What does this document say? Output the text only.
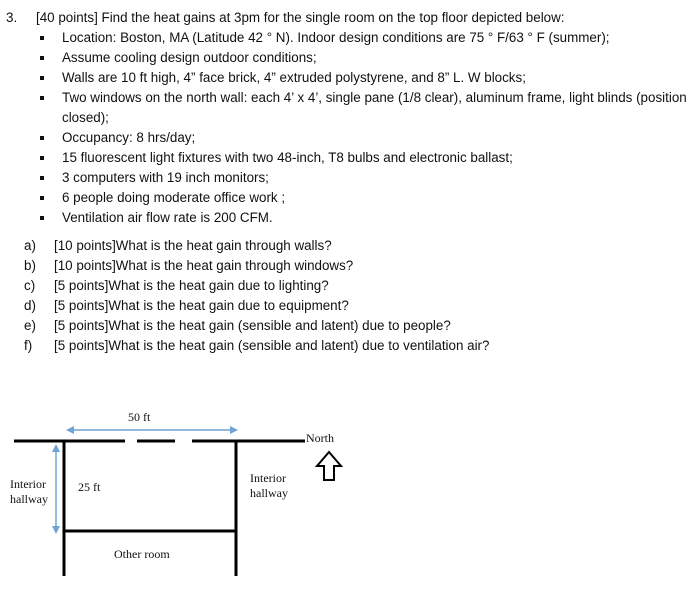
3.	[40 points] Find the heat gains at 3pm for the single room on the top floor depicted below:
Location: Boston, MA (Latitude 42 ° N). Indoor design conditions are 75 ° F/63 ° F (summer);
Assume cooling design outdoor conditions;
Walls are 10 ft high, 4” face brick, 4” extruded polystyrene, and 8” L. W blocks;
Two windows on the north wall: each 4’ x 4’, single pane (1/8 clear), aluminum frame, light blinds (position closed);
Occupancy: 8 hrs/day;
15 fluorescent light fixtures with two 48-inch, T8 bulbs and electronic ballast;
3 computers with 19 inch monitors;
6 people doing moderate office work ;
Ventilation air flow rate is 200 CFM.
a)	[10 points]What is the heat gain through walls?
b)	[10 points]What is the heat gain through windows?
c)	[5 points]What is the heat gain due to lighting?
d)	[5 points]What is the heat gain due to equipment?
e)	[5 points]What is the heat gain (sensible and latent) due to people?
f)	[5 points]What is the heat gain (sensible and latent) due to ventilation air?
50 ft
North
25 ft
Interior
hallway
Interior
hallway
Other room
